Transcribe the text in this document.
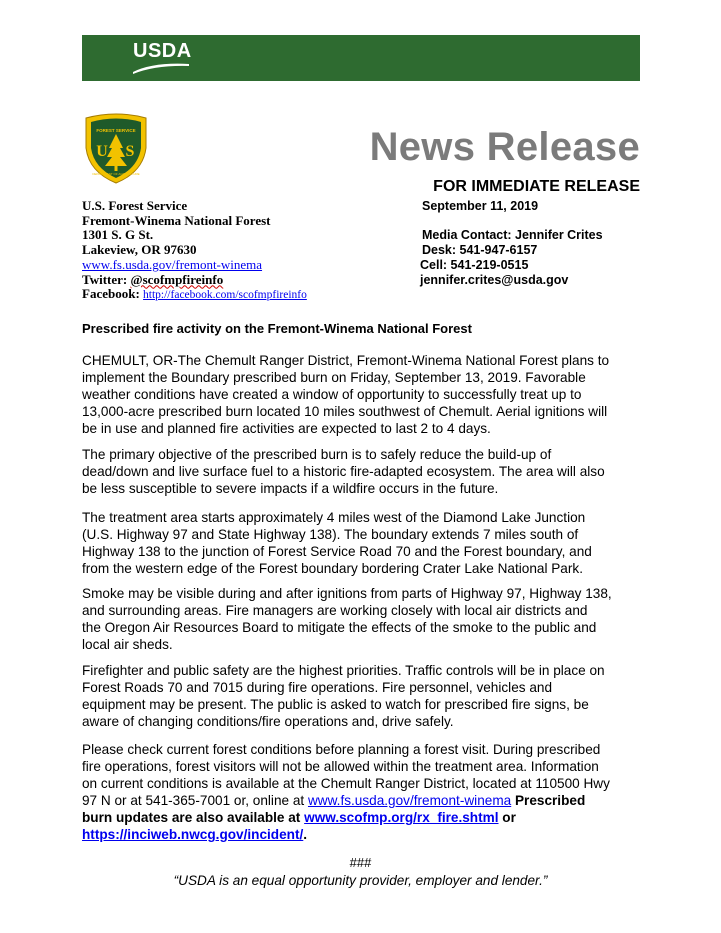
USDA
FOREST SERVICE
U S
DEPARTMENT OF AGRICULTURE
News Release
FOR IMMEDIATE RELEASE
U.S. Forest Service
Fremont-Winema National Forest
1301 S. G St.
Lakeview, OR 97630
www.fs.usda.gov/fremont-winema
Twitter: @scofmpfireinfo
Facebook: http://facebook.com/scofmpfireinfo
September 11, 2019

Media Contact: Jennifer Crites
Desk: 541-947-6157
Cell: 541-219-0515
jennifer.crites@usda.gov
Prescribed fire activity on the Fremont-Winema National Forest
CHEMULT, OR-The Chemult Ranger District, Fremont-Winema National Forest plans to
implement the Boundary prescribed burn on Friday, September 13, 2019. Favorable
weather conditions have created a window of opportunity to successfully treat up to
13,000-acre prescribed burn located 10 miles southwest of Chemult. Aerial ignitions will
be in use and planned fire activities are expected to last 2 to 4 days.
The primary objective of the prescribed burn is to safely reduce the build-up of
dead/down and live surface fuel to a historic fire-adapted ecosystem. The area will also
be less susceptible to severe impacts if a wildfire occurs in the future.
The treatment area starts approximately 4 miles west of the Diamond Lake Junction
(U.S. Highway 97 and State Highway 138). The boundary extends 7 miles south of
Highway 138 to the junction of Forest Service Road 70 and the Forest boundary, and
from the western edge of the Forest boundary bordering Crater Lake National Park.
Smoke may be visible during and after ignitions from parts of Highway 97, Highway 138,
and surrounding areas. Fire managers are working closely with local air districts and
the Oregon Air Resources Board to mitigate the effects of the smoke to the public and
local air sheds.
Firefighter and public safety are the highest priorities. Traffic controls will be in place on
Forest Roads 70 and 7015 during fire operations. Fire personnel, vehicles and
equipment may be present. The public is asked to watch for prescribed fire signs, be
aware of changing conditions/fire operations and, drive safely.
Please check current forest conditions before planning a forest visit. During prescribed
fire operations, forest visitors will not be allowed within the treatment area. Information
on current conditions is available at the Chemult Ranger District, located at 110500 Hwy
97 N or at 541-365-7001 or, online at www.fs.usda.gov/fremont-winema Prescribed
burn updates are also available at www.scofmp.org/rx_fire.shtml or
https://inciweb.nwcg.gov/incident/.
###
“USDA is an equal opportunity provider, employer and lender.”
